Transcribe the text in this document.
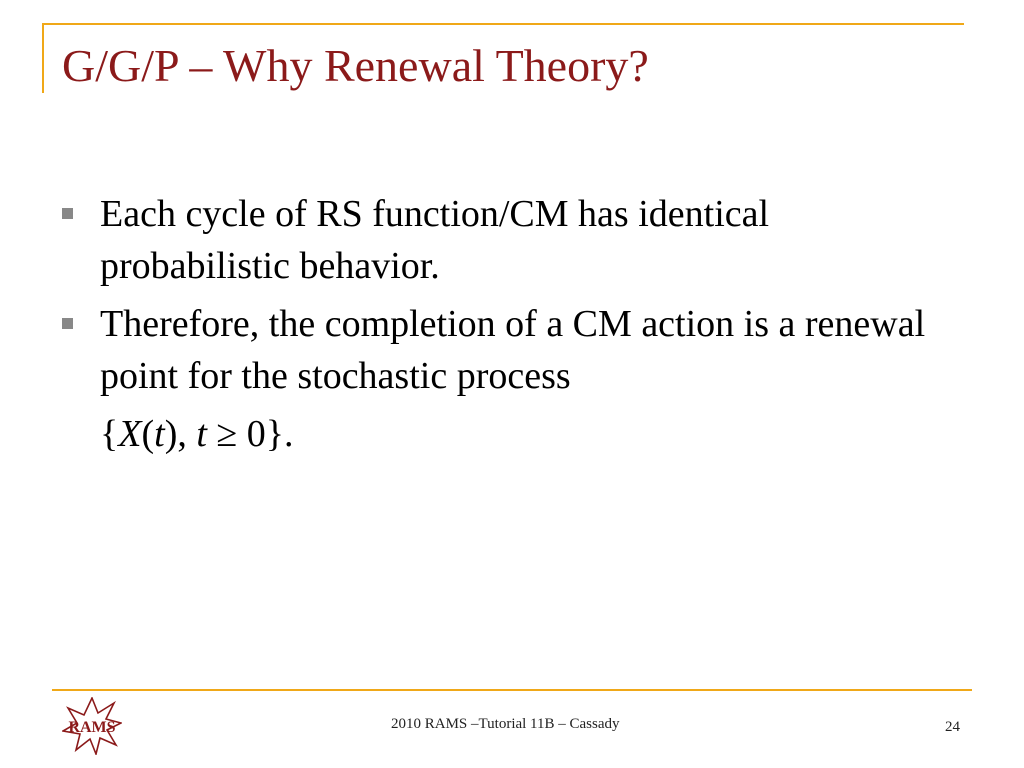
G/G/P – Why Renewal Theory?
Each cycle of RS function/CM has identical probabilistic behavior.
Therefore, the completion of a CM action is a renewal point for the stochastic process
{X(t), t ≥ 0}.
RAMS	2010 RAMS –Tutorial 11B – Cassady	24
